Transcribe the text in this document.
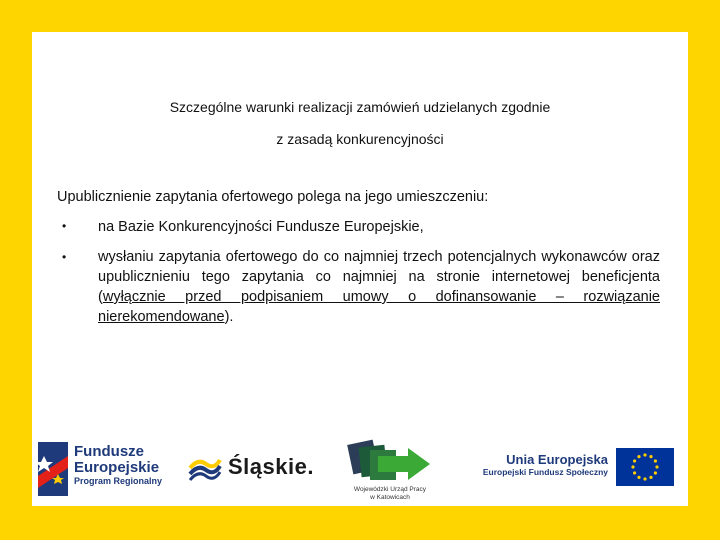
Szczególne warunki realizacji zamówień udzielanych zgodnie
z zasadą konkurencyjności
Upublicznienie zapytania ofertowego polega na jego umieszczeniu:
•	na Bazie Konkurencyjności Fundusze Europejskie,
•	wysłaniu zapytania ofertowego do co najmniej trzech potencjalnych wykonawców oraz upublicznieniu tego zapytania co najmniej na stronie internetowej beneficjenta (wyłącznie przed podpisaniem umowy o dofinansowanie – rozwiązanie nierekomendowane).
Fundusze
Europejskie
Program Regionalny
Śląskie.
Wojewódzki Urząd Pracy
w Katowicach
Unia Europejska
Europejski Fundusz Społeczny
